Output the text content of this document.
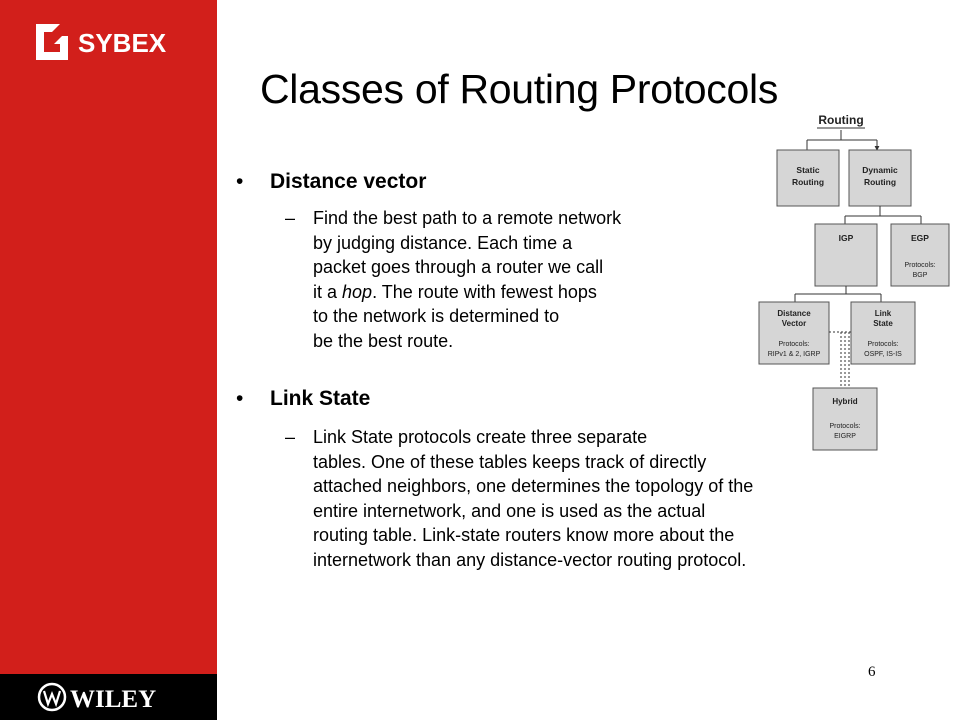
SYBEX
WILEY
Classes of Routing Protocols
• Distance vector
– Find the best path to a remote network
by judging distance. Each time a
packet goes through a router we call
it a hop. The route with fewest hops
to the network is determined to
be the best route.
• Link State
– Link State protocols create three separate
tables. One of these tables keeps track of directly
attached neighbors, one determines the topology of the
entire internetwork, and one is used as the actual
routing table. Link-state routers know more about the
internetwork than any distance-vector routing protocol.
Routing
Static
Routing
Dynamic
Routing
IGP	EGP
Protocols:
BGP
Distance
Vector
Protocols:
RIPv1 & 2, IGRP
Link
State
Protocols:
OSPF, IS-IS
Hybrid
Protocols:
EIGRP
6
